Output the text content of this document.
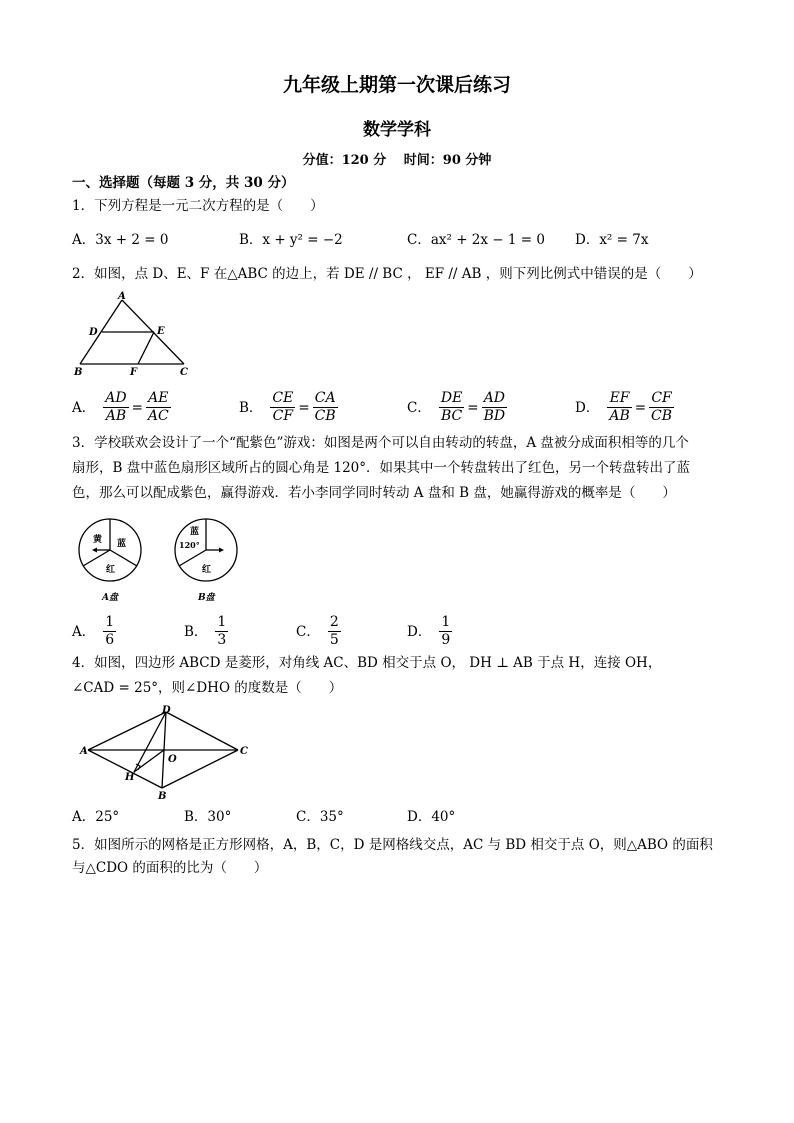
九年级上期第一次课后练习
数学学科
分值：120 分　 时间：90 分钟
一、选择题（每题 3 分，共 30 分）
1．下列方程是一元二次方程的是（　　）
A．3x + 2 = 0	B．x + y² = −2	C．ax² + 2x − 1 = 0 D．x² = 7x
2．如图，点 D、E、F 在△ABC 的边上，若 DE // BC ， EF // AB ，则下列比例式中错误的是（　　）
A
D	E
B	F	C
A． $\frac{AD}{AB} = \frac{AE}{AC}$	B． $\frac{CE}{CF} = \frac{CA}{CB}$	C． $\frac{DE}{BC} = \frac{AD}{BD}$	D． $\frac{EF}{AB} = \frac{CF}{CB}$
3．学校联欢会设计了一个“配紫色”游戏：如图是两个可以自由转动的转盘，A 盘被分成面积相等的几个
扇形，B 盘中蓝色扇形区域所占的圆心角是 120°．如果其中一个转盘转出了红色，另一个转盘转出了蓝
色，那么可以配成紫色，赢得游戏．若小李同学同时转动 A 盘和 B 盘，她赢得游戏的概率是（　　）
黄 蓝
红
A盘
蓝
120°
红
B盘
A． $\frac{1}{6}$	B． $\frac{1}{3}$	C． $\frac{2}{5}$	D． $\frac{1}{9}$
4．如图，四边形 ABCD 是菱形，对角线 AC、BD 相交于点 O， DH ⊥ AB 于点 H，连接 OH，
∠CAD = 25°，则∠DHO 的度数是（　　）
D
A	C
O
H
B
A．25°	B．30°	C．35°	D．40°
5．如图所示的网格是正方形网格，A，B，C，D 是网格线交点，AC 与 BD 相交于点 O，则△ABO 的面积
与△CDO 的面积的比为（　　）
